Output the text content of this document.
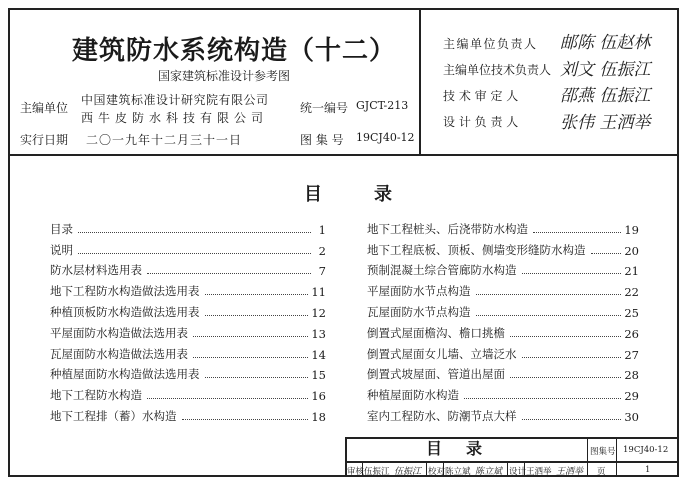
建筑防水系统构造（十二）
国家建筑标准设计参考图
主编单位
中国建筑标准设计研究院有限公司
西牛皮防水科技有限公司
实行日期 二〇一九年十二月三十一日
统一编号 GJCT-213
图 集 号 19CJ40-12
主编单位负责人 邮陈 伍赵林
主编单位技术负责人 刘文 伍振江
技 术 审 定 人 邵燕 伍振江
设 计 负 责 人 张伟 王洒举
目录
目录	1
说明	2
防水层材料选用表	7
地下工程防水构造做法选用表	11
种植顶板防水构造做法选用表	12
平屋面防水构造做法选用表	13
瓦屋面防水构造做法选用表	14
种植屋面防水构造做法选用表	15
地下工程防水构造	16
地下工程排（蓄）水构造	18
地下工程桩头、后浇带防水构造	19
地下工程底板、顶板、侧墙变形缝防水构造	20
预制混凝土综合管廊防水构造	21
平屋面防水节点构造	22
瓦屋面防水节点构造	25
倒置式屋面檐沟、檐口挑檐	26
倒置式屋面女儿墙、立墙泛水	27
倒置式坡屋面、管道出屋面	28
种植屋面防水构造	29
室内工程防水、防潮节点大样	30
目录	图集号 19CJ40-12
审核 伍振江 伍振江 校对 陈立斌 陈立斌 设计 王洒举 王洒举 页	1
